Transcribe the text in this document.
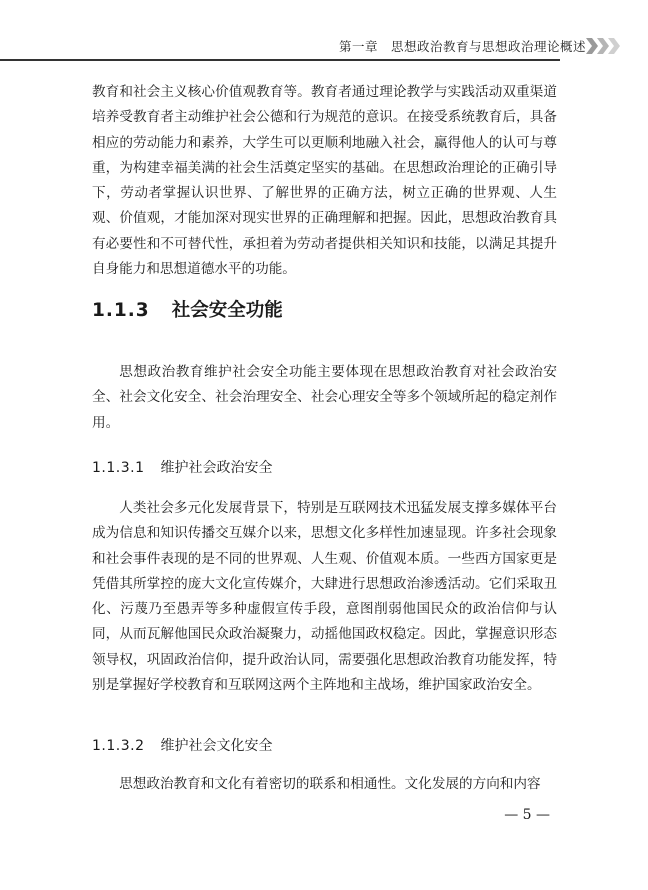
第一章　思想政治教育与思想政治理论概述

教育和社会主义核心价值观教育等。教育者通过理论教学与实践活动双重渠道培养受教育者主动维护社会公德和行为规范的意识。在接受系统教育后，具备相应的劳动能力和素养，大学生可以更顺利地融入社会，赢得他人的认可与尊重，为构建幸福美满的社会生活奠定坚实的基础。在思想政治理论的正确引导下，劳动者掌握认识世界、了解世界的正确方法，树立正确的世界观、人生观、价值观，才能加深对现实世界的正确理解和把握。因此，思想政治教育具有必要性和不可替代性，承担着为劳动者提供相关知识和技能，以满足其提升自身能力和思想道德水平的功能。

1.1.3 社会安全功能

思想政治教育维护社会安全功能主要体现在思想政治教育对社会政治安全、社会文化安全、社会治理安全、社会心理安全等多个领域所起的稳定剂作用。

1.1.3.1 维护社会政治安全

人类社会多元化发展背景下，特别是互联网技术迅猛发展支撑多媒体平台成为信息和知识传播交互媒介以来，思想文化多样性加速显现。许多社会现象和社会事件表现的是不同的世界观、人生观、价值观本质。一些西方国家更是凭借其所掌控的庞大文化宣传媒介，大肆进行思想政治渗透活动。它们采取丑化、污蔑乃至愚弄等多种虚假宣传手段，意图削弱他国民众的政治信仰与认同，从而瓦解他国民众政治凝聚力，动摇他国政权稳定。因此，掌握意识形态领导权，巩固政治信仰，提升政治认同，需要强化思想政治教育功能发挥，特别是掌握好学校教育和互联网这两个主阵地和主战场，维护国家政治安全。

1.1.3.2 维护社会文化安全

思想政治教育和文化有着密切的联系和相通性。文化发展的方向和内容

— 5 —
